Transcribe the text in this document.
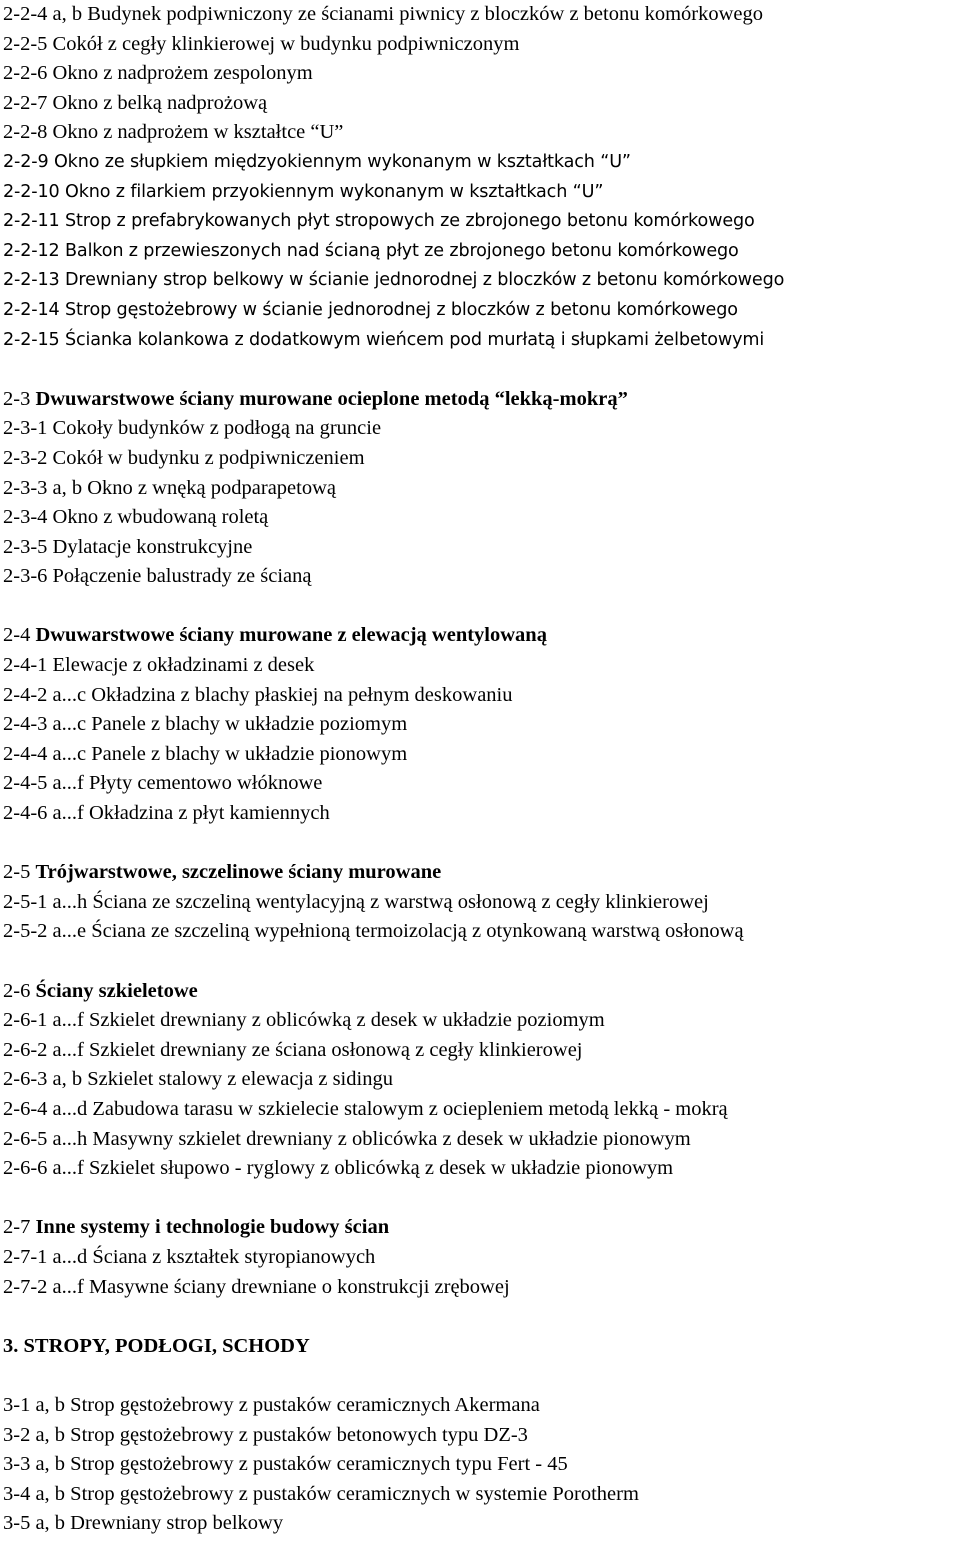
2-2-4 a, b Budynek podpiwniczony ze ścianami piwnicy z bloczków z betonu komórkowego
2-2-5 Cokół z cegły klinkierowej w budynku podpiwniczonym
2-2-6 Okno z nadprożem zespolonym
2-2-7 Okno z belką nadprożową
2-2-8 Okno z nadprożem w kształtce “U”
2-2-9 Okno ze słupkiem międzyokiennym wykonanym w kształtkach “U”
2-2-10 Okno z filarkiem przyokiennym wykonanym w kształtkach “U”
2-2-11 Strop z prefabrykowanych płyt stropowych ze zbrojonego betonu komórkowego
2-2-12 Balkon z przewieszonych nad ścianą płyt ze zbrojonego betonu komórkowego
2-2-13 Drewniany strop belkowy w ścianie jednorodnej z bloczków z betonu komórkowego
2-2-14 Strop gęstożebrowy w ścianie jednorodnej z bloczków z betonu komórkowego
2-2-15 Ścianka kolankowa z dodatkowym wieńcem pod murłatą i słupkami żelbetowymi
2-3 Dwuwarstwowe ściany murowane ocieplone metodą “lekką-mokrą”
2-3-1 Cokoły budynków z podłogą na gruncie
2-3-2 Cokół w budynku z podpiwniczeniem
2-3-3 a, b Okno z wnęką podparapetową
2-3-4 Okno z wbudowaną roletą
2-3-5 Dylatacje konstrukcyjne
2-3-6 Połączenie balustrady ze ścianą
2-4 Dwuwarstwowe ściany murowane z elewacją wentylowaną
2-4-1 Elewacje z okładzinami z desek
2-4-2 a...c Okładzina z blachy płaskiej na pełnym deskowaniu
2-4-3 a...c Panele z blachy w układzie poziomym
2-4-4 a...c Panele z blachy w układzie pionowym
2-4-5 a...f Płyty cementowo włóknowe
2-4-6 a...f Okładzina z płyt kamiennych
2-5 Trójwarstwowe, szczelinowe ściany murowane
2-5-1 a...h Ściana ze szczeliną wentylacyjną z warstwą osłonową z cegły klinkierowej
2-5-2 a...e Ściana ze szczeliną wypełnioną termoizolacją z otynkowaną warstwą osłonową
2-6 Ściany szkieletowe
2-6-1 a...f Szkielet drewniany z oblicówką z desek w układzie poziomym
2-6-2 a...f Szkielet drewniany ze ściana osłonową z cegły klinkierowej
2-6-3 a, b Szkielet stalowy z elewacja z sidingu
2-6-4 a...d Zabudowa tarasu w szkielecie stalowym z ociepleniem metodą lekką - mokrą
2-6-5 a...h Masywny szkielet drewniany z oblicówka z desek w układzie pionowym
2-6-6 a...f Szkielet słupowo - ryglowy z oblicówką z desek w układzie pionowym
2-7 Inne systemy i technologie budowy ścian
2-7-1 a...d Ściana z kształtek styropianowych
2-7-2 a...f Masywne ściany drewniane o konstrukcji zrębowej
3. STROPY, PODŁOGI, SCHODY
3-1 a, b Strop gęstożebrowy z pustaków ceramicznych Akermana
3-2 a, b Strop gęstożebrowy z pustaków betonowych typu DZ-3
3-3 a, b Strop gęstożebrowy z pustaków ceramicznych typu Fert - 45
3-4 a, b Strop gęstożebrowy z pustaków ceramicznych w systemie Porotherm
3-5 a, b Drewniany strop belkowy
